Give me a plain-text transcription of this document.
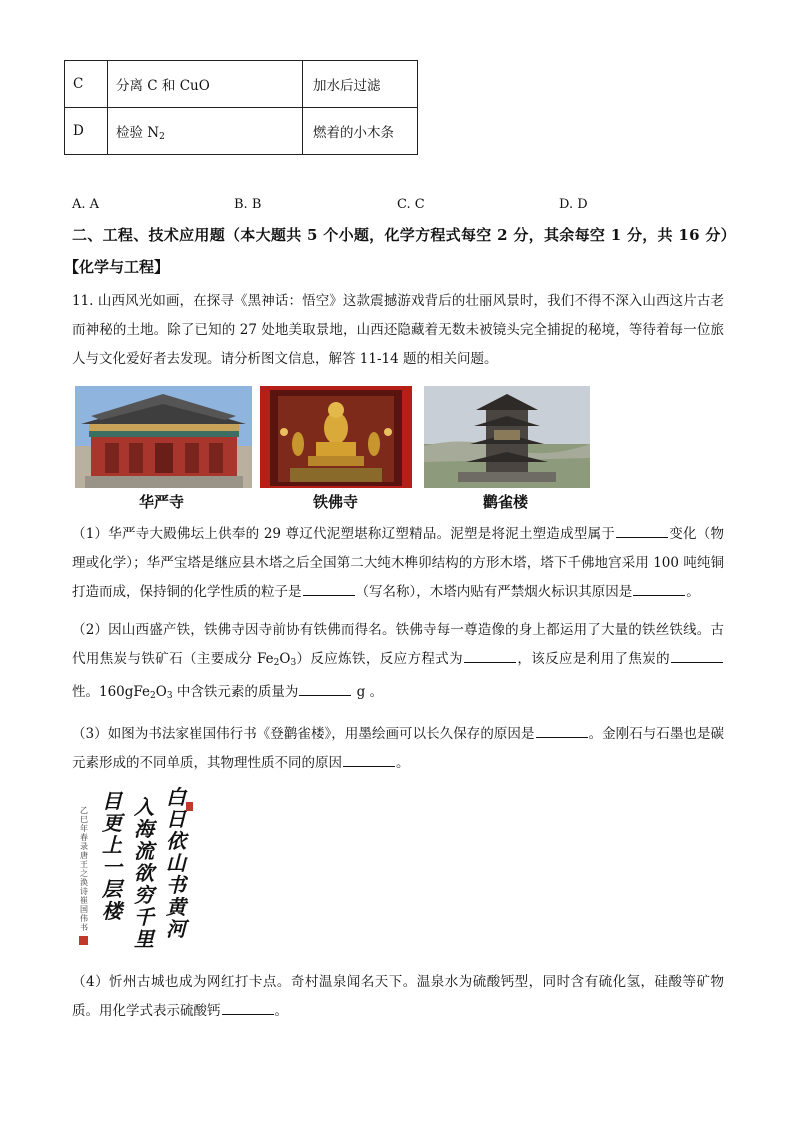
C	分离 C 和 CuO	加水后过滤
D	检验 $N_2$	燃着的小木条
A. A	B. B	C. C	D. D
二、工程、技术应用题（本大题共 5 个小题，化学方程式每空 2 分，其余每空 1 分，共 16 分）
【化学与工程】
11. 山西风光如画，在探寻《黑神话：悟空》这款震撼游戏背后的壮丽风景时，我们不得不深入山西这片古老而神秘的土地。除了已知的 27 处地美取景地，山西还隐藏着无数未被镜头完全捕捉的秘境，等待着每一位旅人与文化爱好者去发现。请分析图文信息，解答 11-14 题的相关问题。
华严寺	铁佛寺	鹳雀楼
（1）华严寺大殿佛坛上供奉的 29 尊辽代泥塑堪称辽塑精品。泥塑是将泥土塑造成型属于	变化（物理或化学）；华严宝塔是继应县木塔之后全国第二大纯木榫卯结构的方形木塔，塔下千佛地宫采用 100 吨纯铜打造而成，保持铜的化学性质的粒子是	（写名称），木塔内贴有严禁烟火标识其原因是	。
（2）因山西盛产铁，铁佛寺因寺前协有铁佛而得名。铁佛寺每一尊造像的身上都运用了大量的铁丝铁线。古代用焦炭与铁矿石（主要成分 $Fe_2O_3$）反应炼铁，反应方程式为	，该反应是利用了焦炭的性。$160gFe_2O_3$ 中含铁元素的质量为	g 。
（3）如图为书法家崔国伟行书《登鹳雀楼》，用墨绘画可以长久保存的原因是	。金刚石与石墨也是碳元素形成的不同单质，其物理性质不同的原因	。
白日依山书黄河
入海流欲穷千里
目更上一层楼
乙巳年春录唐王之涣诗崔国伟书
（4）忻州古城也成为网红打卡点。奇村温泉闻名天下。温泉水为硫酸钙型，同时含有硫化氢，硅酸等矿物质。用化学式表示硫酸钙	。
